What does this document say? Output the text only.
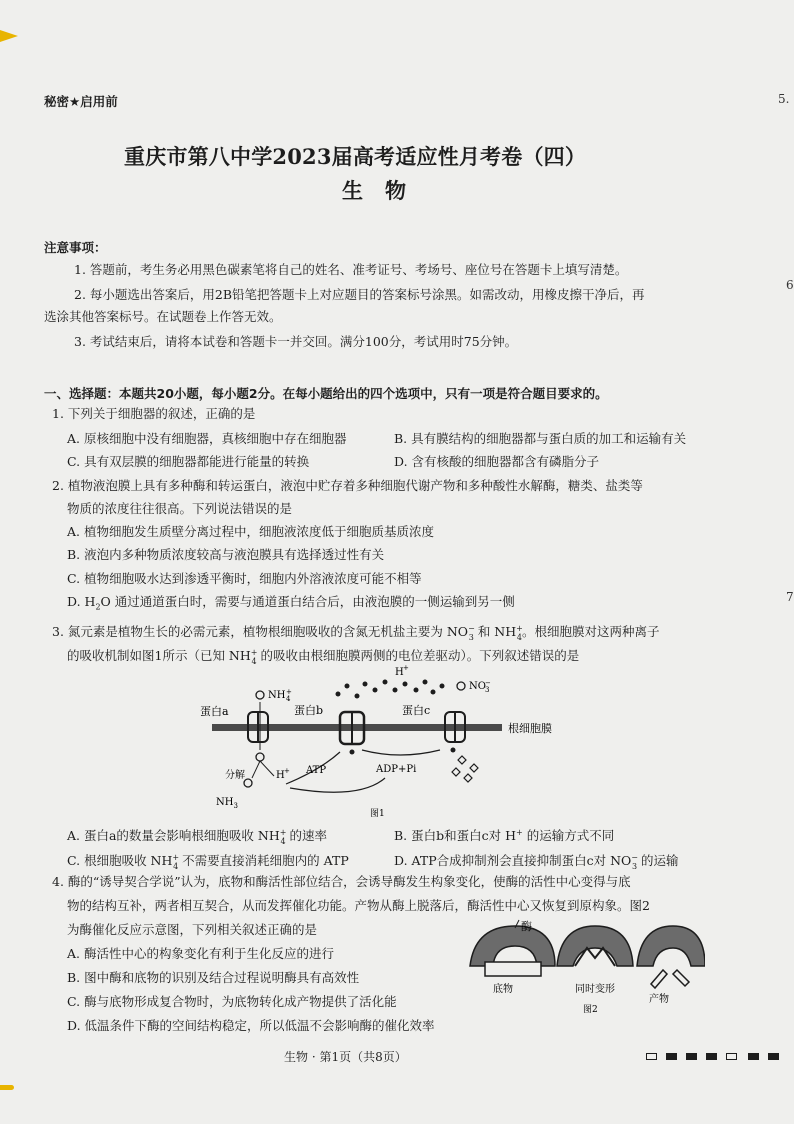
秘密★启用前
重庆市第八中学2023届高考适应性月考卷（四）
生物
注意事项：
1. 答题前，考生务必用黑色碳素笔将自己的姓名、准考证号、考场号、座位号在答题卡上填写清楚。
2. 每小题选出答案后，用2B铅笔把答题卡上对应题目的答案标号涂黑。如需改动，用橡皮擦干净后，再
选涂其他答案标号。在试题卷上作答无效。
3. 考试结束后，请将本试卷和答题卡一并交回。满分100分，考试用时75分钟。
一、选择题：本题共20小题，每小题2分。在每小题给出的四个选项中，只有一项是符合题目要求的。
1. 下列关于细胞器的叙述，正确的是
A. 原核细胞中没有细胞器，真核细胞中存在细胞器	B. 具有膜结构的细胞器都与蛋白质的加工和运输有关
C. 具有双层膜的细胞器都能进行能量的转换	D. 含有核酸的细胞器都含有磷脂分子
2. 植物液泡膜上具有多种酶和转运蛋白，液泡中贮存着多种细胞代谢产物和多种酸性水解酶，糖类、盐类等
物质的浓度往往很高。下列说法错误的是
A. 植物细胞发生质壁分离过程中，细胞液浓度低于细胞质基质浓度
B. 液泡内多种物质浓度较高与液泡膜具有选择透过性有关
C. 植物细胞吸水达到渗透平衡时，细胞内外溶液浓度可能不相等
D. $H_2O$ 通过通道蛋白时，需要与通道蛋白结合后，由液泡膜的一侧运输到另一侧
3. 氮元素是植物生长的必需元素，植物根细胞吸收的含氮无机盐主要为 $NO^-_3$ 和 $NH^+_4$。根细胞膜对这两种离子
的吸收机制如图1所示（已知 $NH^+_4$ 的吸收由根细胞膜两侧的电位差驱动）。下列叙述错误的是
根细胞膜
蛋白a	蛋白b	蛋白c
NH +
4
分解	H +
$NH_3$
H +
NO −
3
ATP	ADP+Pi
图1
A. 蛋白a的数量会影响根细胞吸收 $NH^+_4$ 的速率	B. 蛋白b和蛋白c对 H+ 的运输方式不同
C. 根细胞吸收 $NH^+_4$ 不需要直接消耗细胞内的 ATP	D. ATP合成抑制剂会直接抑制蛋白c对 $NO^-_3$ 的运输
4. 酶的“诱导契合学说”认为，底物和酶活性部位结合，会诱导酶发生构象变化，使酶的活性中心变得与底
物的结构互补，两者相互契合，从而发挥催化功能。产物从酶上脱落后，酶活性中心又恢复到原构象。图2
为酶催化反应示意图，下列相关叙述正确的是
A. 酶活性中心的构象变化有利于生化反应的进行
B. 图中酶和底物的识别及结合过程说明酶具有高效性
C. 酶与底物形成复合物时，为底物转化成产物提供了活化能
D. 低温条件下酶的空间结构稳定，所以低温不会影响酶的催化效率
酶
底物	同时变形
产物
图2
生物 · 第1页（共8页）
5.
6
7
